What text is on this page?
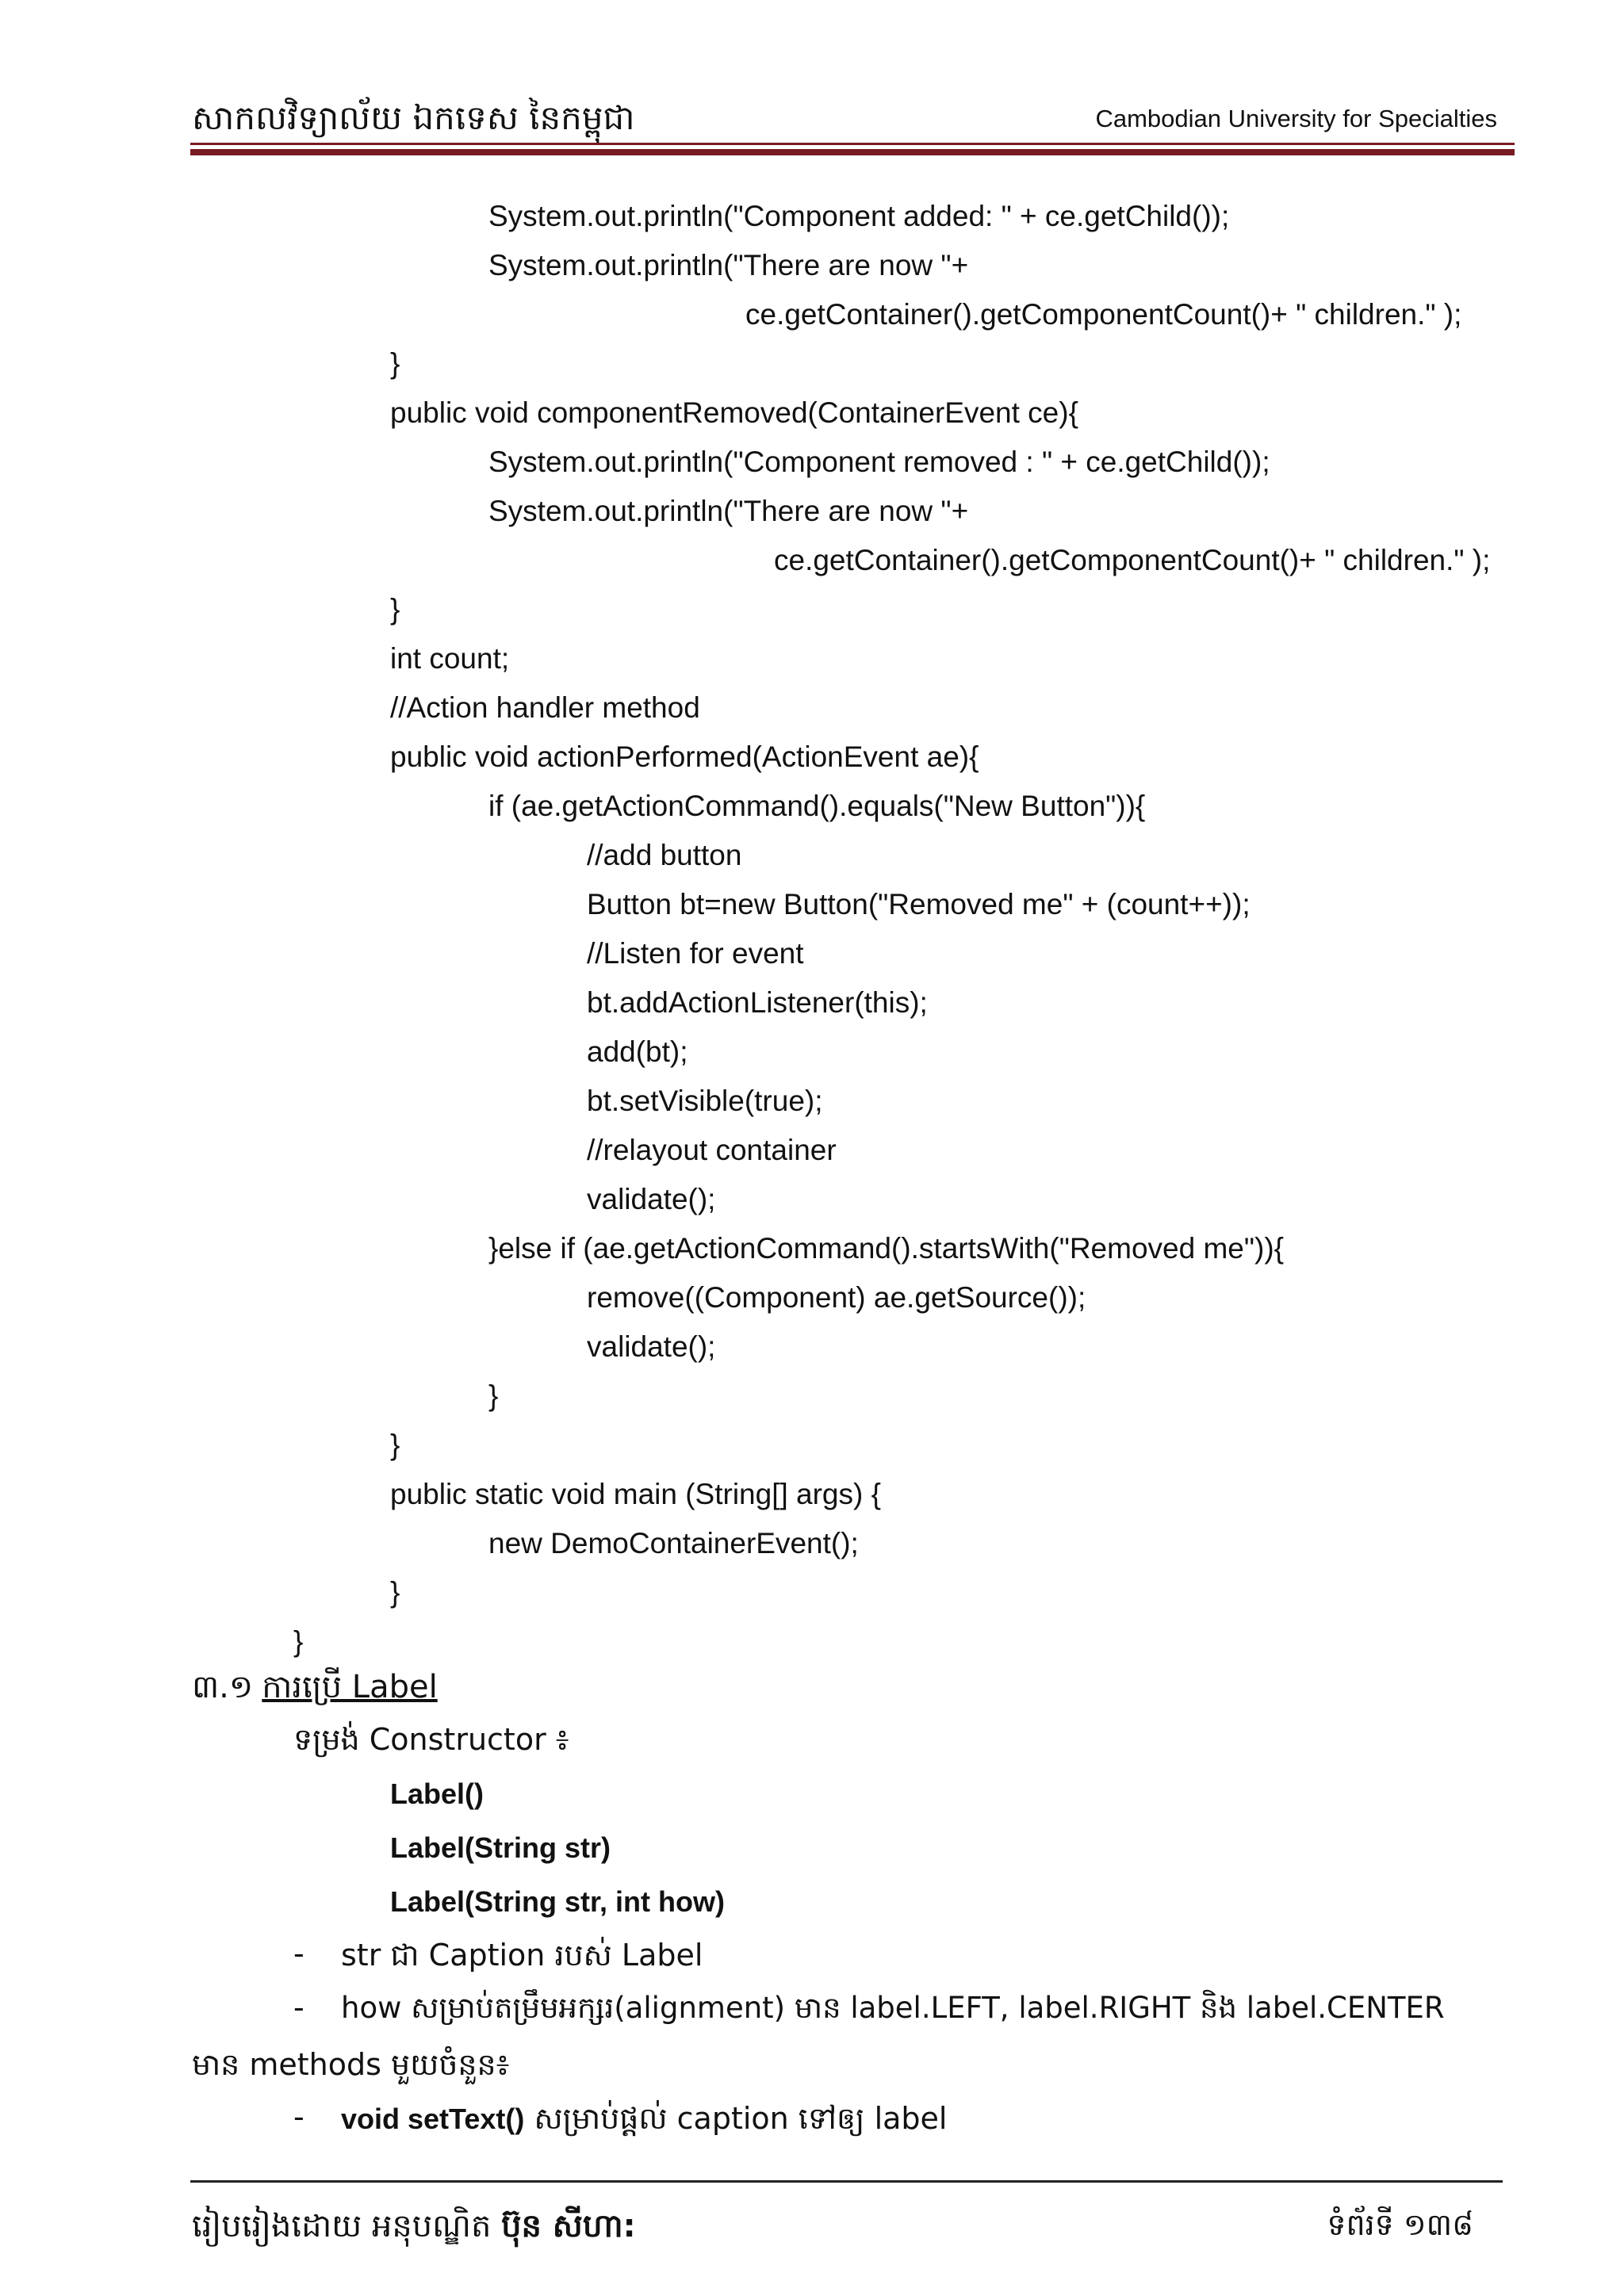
សាកលវិទ្យាល័យ ឯកទេស នៃកម្ពុជា	Cambodian University for Specialties
System.out.println("Component added: " + ce.getChild());
System.out.println("There are now "+
ce.getContainer().getComponentCount()+ " children." );
}
public void componentRemoved(ContainerEvent ce){
System.out.println("Component removed : " + ce.getChild());
System.out.println("There are now "+
ce.getContainer().getComponentCount()+ " children." );
}
int count;
//Action handler method
public void actionPerformed(ActionEvent ae){
if (ae.getActionCommand().equals("New Button")){
//add button
Button bt=new Button("Removed me" + (count++));
//Listen for event
bt.addActionListener(this);
add(bt);
bt.setVisible(true);
//relayout container
validate();
}else if (ae.getActionCommand().startsWith("Removed me")){
remove((Component) ae.getSource());
validate();
}
}
public static void main (String[] args) {
new DemoContainerEvent();
}
}
៣.១ ការប្រើ Label
ទម្រង់ Constructor ៖
Label()
Label(String str)
Label(String str, int how)
- str ជា Caption របស់ Label
- how សម្រាប់តម្រឹមអក្សរ(alignment) មាន label.LEFT, label.RIGHT និង label.CENTER
មាន methods មួយចំនួន៖
- void setText() សម្រាប់ផ្តល់ caption ទៅឲ្យ label
រៀបរៀងដោយ អនុបណ្ឌិត ប៊ុន សីហា:	ទំព័រទី ១៣៨
